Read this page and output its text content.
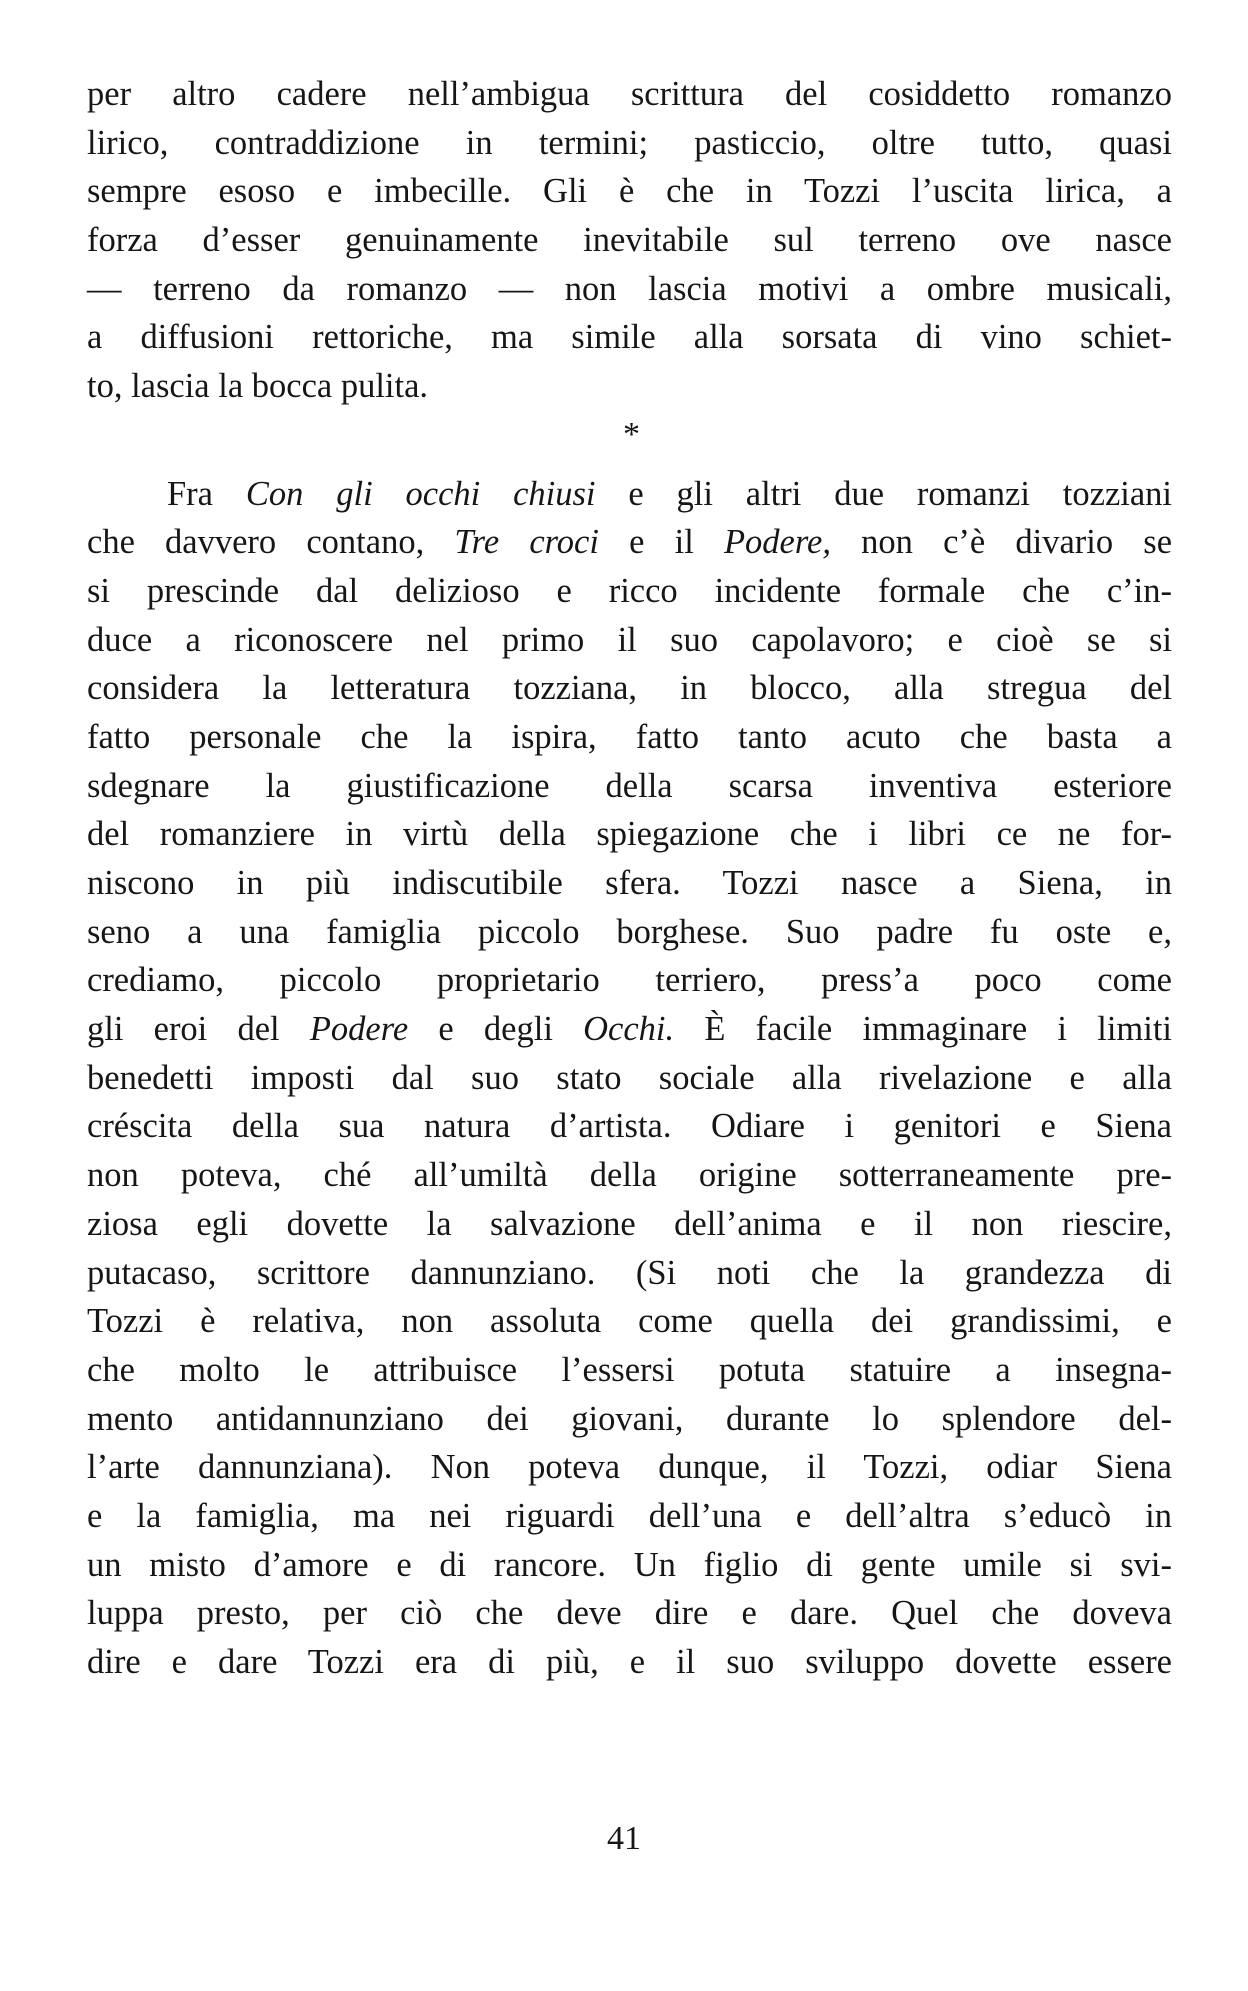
per altro cadere nell’ambigua scrittura del cosiddetto romanzo
lirico, contraddizione in termini; pasticcio, oltre tutto, quasi
sempre esoso e imbecille. Gli è che in Tozzi l’uscita lirica, a
forza d’esser genuinamente inevitabile sul terreno ove nasce
— terreno da romanzo — non lascia motivi a ombre musicali,
a diffusioni rettoriche, ma simile alla sorsata di vino schiet-
to, lascia la bocca pulita.
*
Fra Con gli occhi chiusi e gli altri due romanzi tozziani
che davvero contano, Tre croci e il Podere, non c’è divario se
si prescinde dal delizioso e ricco incidente formale che c’in-
duce a riconoscere nel primo il suo capolavoro; e cioè se si
considera la letteratura tozziana, in blocco, alla stregua del
fatto personale che la ispira, fatto tanto acuto che basta a
sdegnare la giustificazione della scarsa inventiva esteriore
del romanziere in virtù della spiegazione che i libri ce ne for-
niscono in più indiscutibile sfera. Tozzi nasce a Siena, in
seno a una famiglia piccolo borghese. Suo padre fu oste e,
crediamo, piccolo proprietario terriero, press’a poco come
gli eroi del Podere e degli Occhi. È facile immaginare i limiti
benedetti imposti dal suo stato sociale alla rivelazione e alla
créscita della sua natura d’artista. Odiare i genitori e Siena
non poteva, ché all’umiltà della origine sotterraneamente pre-
ziosa egli dovette la salvazione dell’anima e il non riescire,
putacaso, scrittore dannunziano. (Si noti che la grandezza di
Tozzi è relativa, non assoluta come quella dei grandissimi, e
che molto le attribuisce l’essersi potuta statuire a insegna-
mento antidannunziano dei giovani, durante lo splendore del-
l’arte dannunziana). Non poteva dunque, il Tozzi, odiar Siena
e la famiglia, ma nei riguardi dell’una e dell’altra s’educò in
un misto d’amore e di rancore. Un figlio di gente umile si svi-
luppa presto, per ciò che deve dire e dare. Quel che doveva
dire e dare Tozzi era di più, e il suo sviluppo dovette essere
41
